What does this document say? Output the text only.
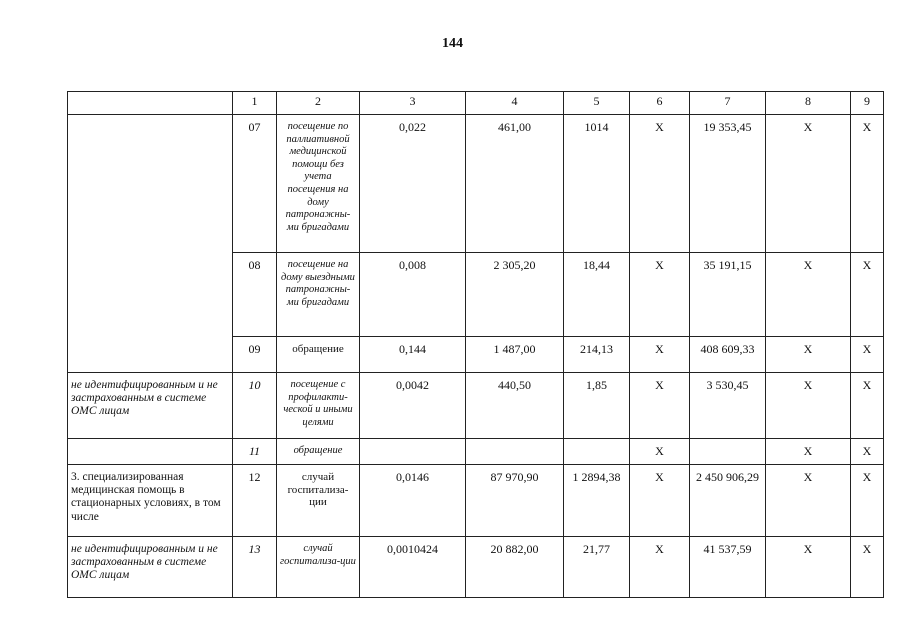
144
	1	2	3	4	5	6	7	8	9
	07	посещение по паллиативной медицинской помощи без учета посещения на дому патронажны-ми бригадами	0,022	461,00	1014	X	19 353,45	X	X
	08	посещение на дому выездными патронажны-ми бригадами	0,008	2 305,20	18,44	X	35 191,15	X	X
	09	обращение	0,144	1 487,00	214,13	X	408 609,33	X	X
не идентифицированным и не застрахованным в системе ОМС лицам	10	посещение с профилакти-ческой и иными целями	0,0042	440,50	1,85	X	3 530,45	X	X
	11	обращение				X		X	X
3. специализированная медицинская помощь в стационарных условиях, в том числе	12	случай госпитализа-ции	0,0146	87 970,90	1 2894,38	X	2 450 906,29	X	X
не идентифицированным и не застрахованным в системе ОМС лицам	13	случай госпитализа-ции	0,0010424	20 882,00	21,77	X	41 537,59	X	X
